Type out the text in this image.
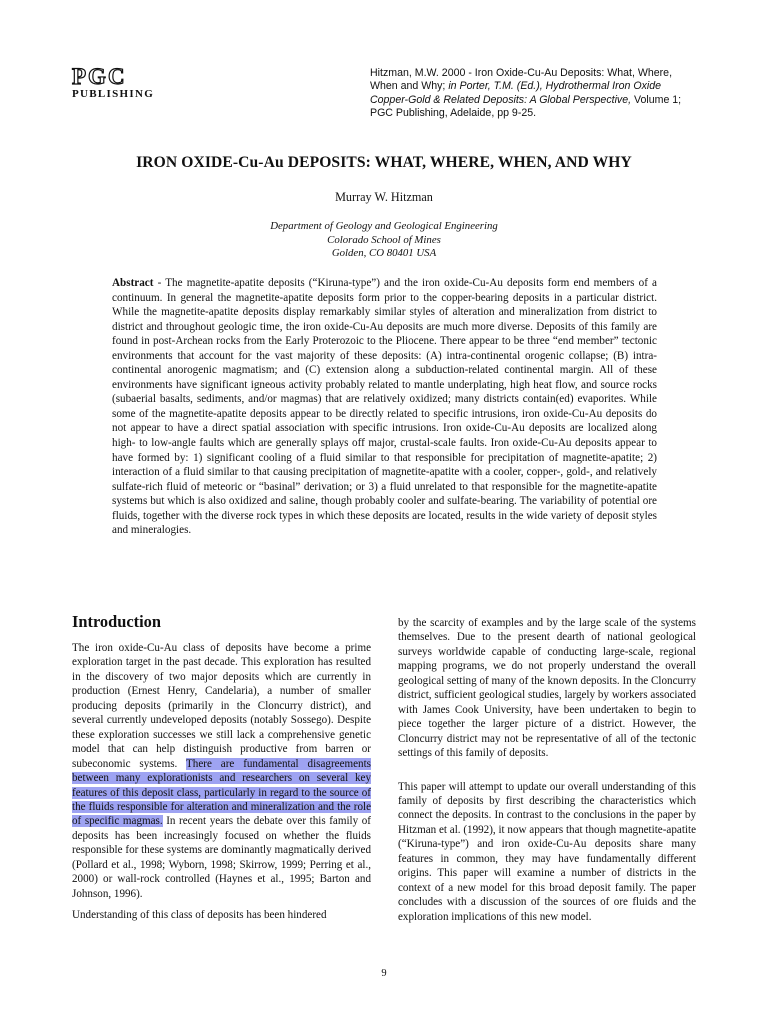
PGC
PUBLISHING
Hitzman, M.W. 2000 - Iron Oxide-Cu-Au Deposits: What, Where, When and Why; in Porter, T.M. (Ed.), Hydrothermal Iron Oxide Copper-Gold & Related Deposits: A Global Perspective, Volume 1; PGC Publishing, Adelaide, pp 9-25.
IRON OXIDE-Cu-Au DEPOSITS: WHAT, WHERE, WHEN, AND WHY
Murray W. Hitzman
Department of Geology and Geological Engineering
Colorado School of Mines
Golden, CO 80401 USA
Abstract - The magnetite-apatite deposits (“Kiruna-type”) and the iron oxide-Cu-Au deposits form end members of a continuum. In general the magnetite-apatite deposits form prior to the copper-bearing deposits in a particular district. While the magnetite-apatite deposits display remarkably similar styles of alteration and mineralization from district to district and throughout geologic time, the iron oxide-Cu-Au deposits are much more diverse. Deposits of this family are found in post-Archean rocks from the Early Proterozoic to the Pliocene. There appear to be three “end member” tectonic environments that account for the vast majority of these deposits: (A) intra-continental orogenic collapse; (B) intra-continental anorogenic magmatism; and (C) extension along a subduction-related continental margin. All of these environments have significant igneous activity probably related to mantle underplating, high heat flow, and source rocks (subaerial basalts, sediments, and/or magmas) that are relatively oxidized; many districts contain(ed) evaporites. While some of the magnetite-apatite deposits appear to be directly related to specific intrusions, iron oxide-Cu-Au deposits do not appear to have a direct spatial association with specific intrusions. Iron oxide-Cu-Au deposits are localized along high- to low-angle faults which are generally splays off major, crustal-scale faults. Iron oxide-Cu-Au deposits appear to have formed by: 1) significant cooling of a fluid similar to that responsible for precipitation of magnetite-apatite; 2) interaction of a fluid similar to that causing precipitation of magnetite-apatite with a cooler, copper-, gold-, and relatively sulfate-rich fluid of meteoric or “basinal” derivation; or 3) a fluid unrelated to that responsible for the magnetite-apatite systems but which is also oxidized and saline, though probably cooler and sulfate-bearing. The variability of potential ore fluids, together with the diverse rock types in which these deposits are located, results in the wide variety of deposit styles and mineralogies.
Introduction

The iron oxide-Cu-Au class of deposits have become a prime exploration target in the past decade. This exploration has resulted in the discovery of two major deposits which are currently in production (Ernest Henry, Candelaria), a number of smaller producing deposits (primarily in the Cloncurry district), and several currently undeveloped deposits (notably Sossego). Despite these exploration successes we still lack a comprehensive genetic model that can help distinguish productive from barren or subeconomic systems. There are fundamental disagreements between many explorationists and researchers on several key features of this deposit class, particularly in regard to the source of the fluids responsible for alteration and mineralization and the role of specific magmas. In recent years the debate over this family of deposits has been increasingly focused on whether the fluids responsible for these systems are dominantly magmatically derived (Pollard et al., 1998; Wyborn, 1998; Skirrow, 1999; Perring et al., 2000) or wall-rock controlled (Haynes et al., 1995; Barton and Johnson, 1996).

Understanding of this class of deposits has been hindered

by the scarcity of examples and by the large scale of the systems themselves. Due to the present dearth of national geological surveys worldwide capable of conducting large-scale, regional mapping programs, we do not properly understand the overall geological setting of many of the known deposits. In the Cloncurry district, sufficient geological studies, largely by workers associated with James Cook University, have been undertaken to begin to piece together the larger picture of a district. However, the Cloncurry district may not be representative of all of the tectonic settings of this family of deposits.

This paper will attempt to update our overall understanding of this family of deposits by first describing the characteristics which connect the deposits. In contrast to the conclusions in the paper by Hitzman et al. (1992), it now appears that though magnetite-apatite (“Kiruna-type”) and iron oxide-Cu-Au deposits share many features in common, they may have fundamentally different origins. This paper will examine a number of districts in the context of a new model for this broad deposit family. The paper concludes with a discussion of the sources of ore fluids and the exploration implications of this new model.

9
